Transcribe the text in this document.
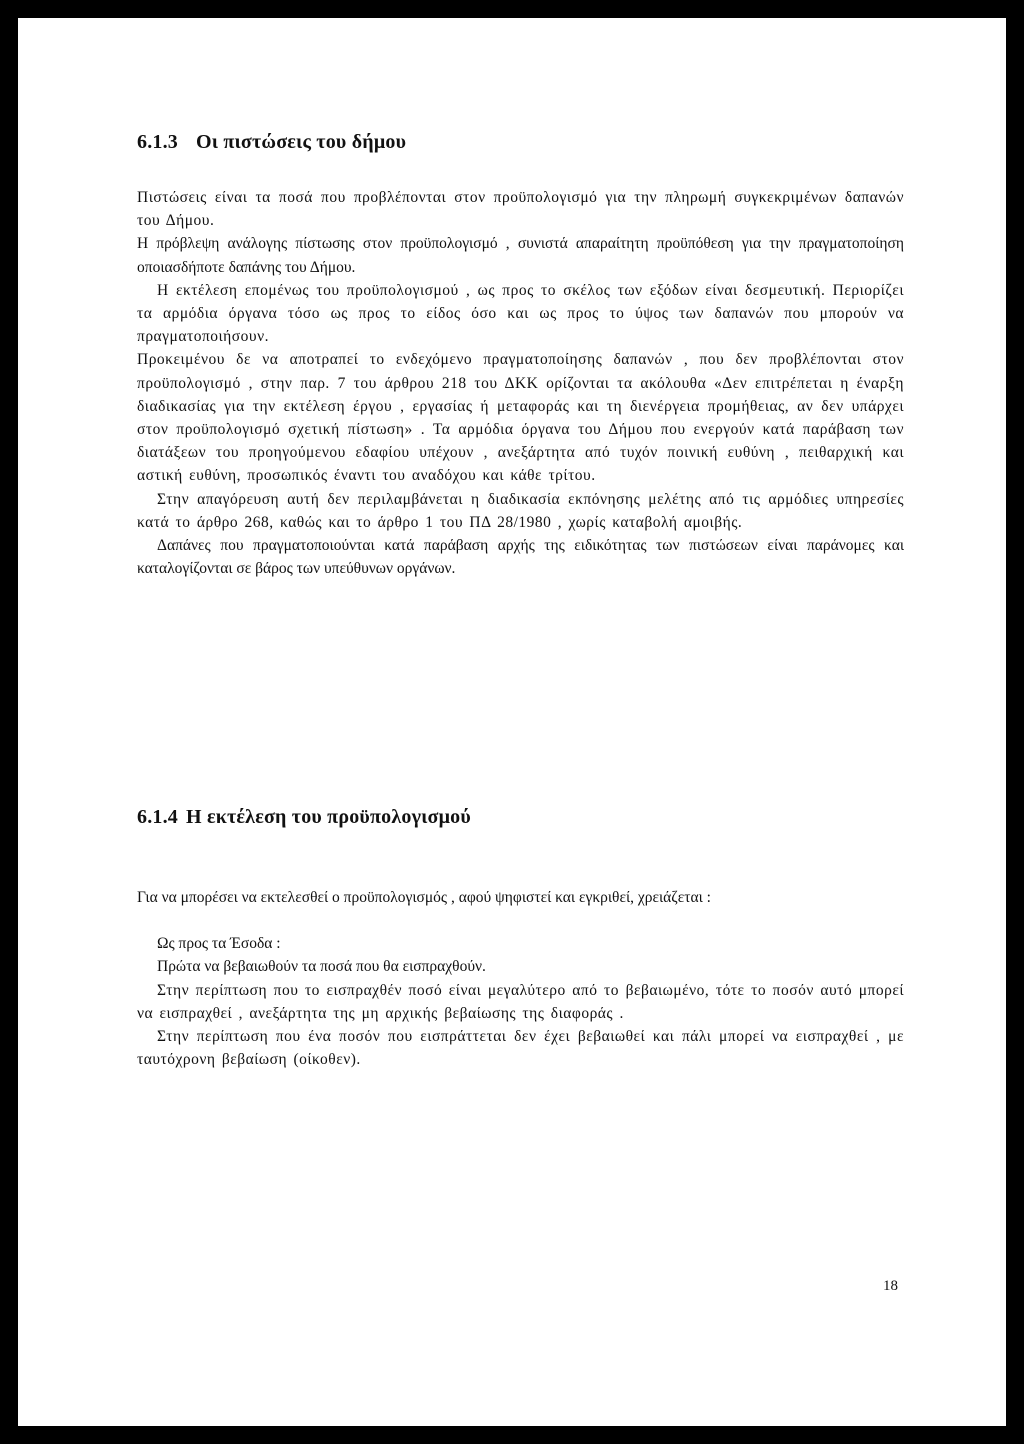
6.1.3 Οι πιστώσεις του δήμου

Πιστώσεις είναι τα ποσά που προβλέπονται στον προϋπολογισμό για την πληρωμή συγκεκριμένων δαπανών του Δήμου.

Η πρόβλεψη ανάλογης πίστωσης στον προϋπολογισμό , συνιστά απαραίτητη προϋπόθεση για την πραγματοποίηση οποιασδήποτε δαπάνης του Δήμου.

Η εκτέλεση επομένως του προϋπολογισμού , ως προς το σκέλος των εξόδων είναι δεσμευτική. Περιορίζει τα αρμόδια όργανα τόσο ως προς το είδος όσο και ως προς το ύψος των δαπανών που μπορούν να πραγματοποιήσουν.

Προκειμένου δε να αποτραπεί το ενδεχόμενο πραγματοποίησης δαπανών , που δεν προβλέπονται στον προϋπολογισμό , στην παρ. 7 του άρθρου 218 του ΔΚΚ ορίζονται τα ακόλουθα «Δεν επιτρέπεται η έναρξη διαδικασίας για την εκτέλεση έργου , εργασίας ή μεταφοράς και τη διενέργεια προμήθειας, αν δεν υπάρχει στον προϋπολογισμό σχετική πίστωση» . Τα αρμόδια όργανα του Δήμου που ενεργούν κατά παράβαση των διατάξεων του προηγούμενου εδαφίου υπέχουν , ανεξάρτητα από τυχόν ποινική ευθύνη , πειθαρχική και αστική ευθύνη, προσωπικός έναντι του αναδόχου και κάθε τρίτου.

Στην απαγόρευση αυτή δεν περιλαμβάνεται η διαδικασία εκπόνησης μελέτης από τις αρμόδιες υπηρεσίες κατά το άρθρο 268, καθώς και το άρθρο 1 του ΠΔ 28/1980 , χωρίς καταβολή αμοιβής.

Δαπάνες που πραγματοποιούνται κατά παράβαση αρχής της ειδικότητας των πιστώσεων είναι παράνομες και καταλογίζονται σε βάρος των υπεύθυνων οργάνων.

6.1.4 Η εκτέλεση του προϋπολογισμού

Για να μπορέσει να εκτελεσθεί ο προϋπολογισμός , αφού ψηφιστεί και εγκριθεί, χρειάζεται :

Ως προς τα Έσοδα :

Πρώτα να βεβαιωθούν τα ποσά που θα εισπραχθούν.

Στην περίπτωση που το εισπραχθέν ποσό είναι μεγαλύτερο από το βεβαιωμένο, τότε το ποσόν αυτό μπορεί να εισπραχθεί , ανεξάρτητα της μη αρχικής βεβαίωσης της διαφοράς .

Στην περίπτωση που ένα ποσόν που εισπράττεται δεν έχει βεβαιωθεί και πάλι μπορεί να εισπραχθεί , με ταυτόχρονη βεβαίωση (οίκοθεν).

18
